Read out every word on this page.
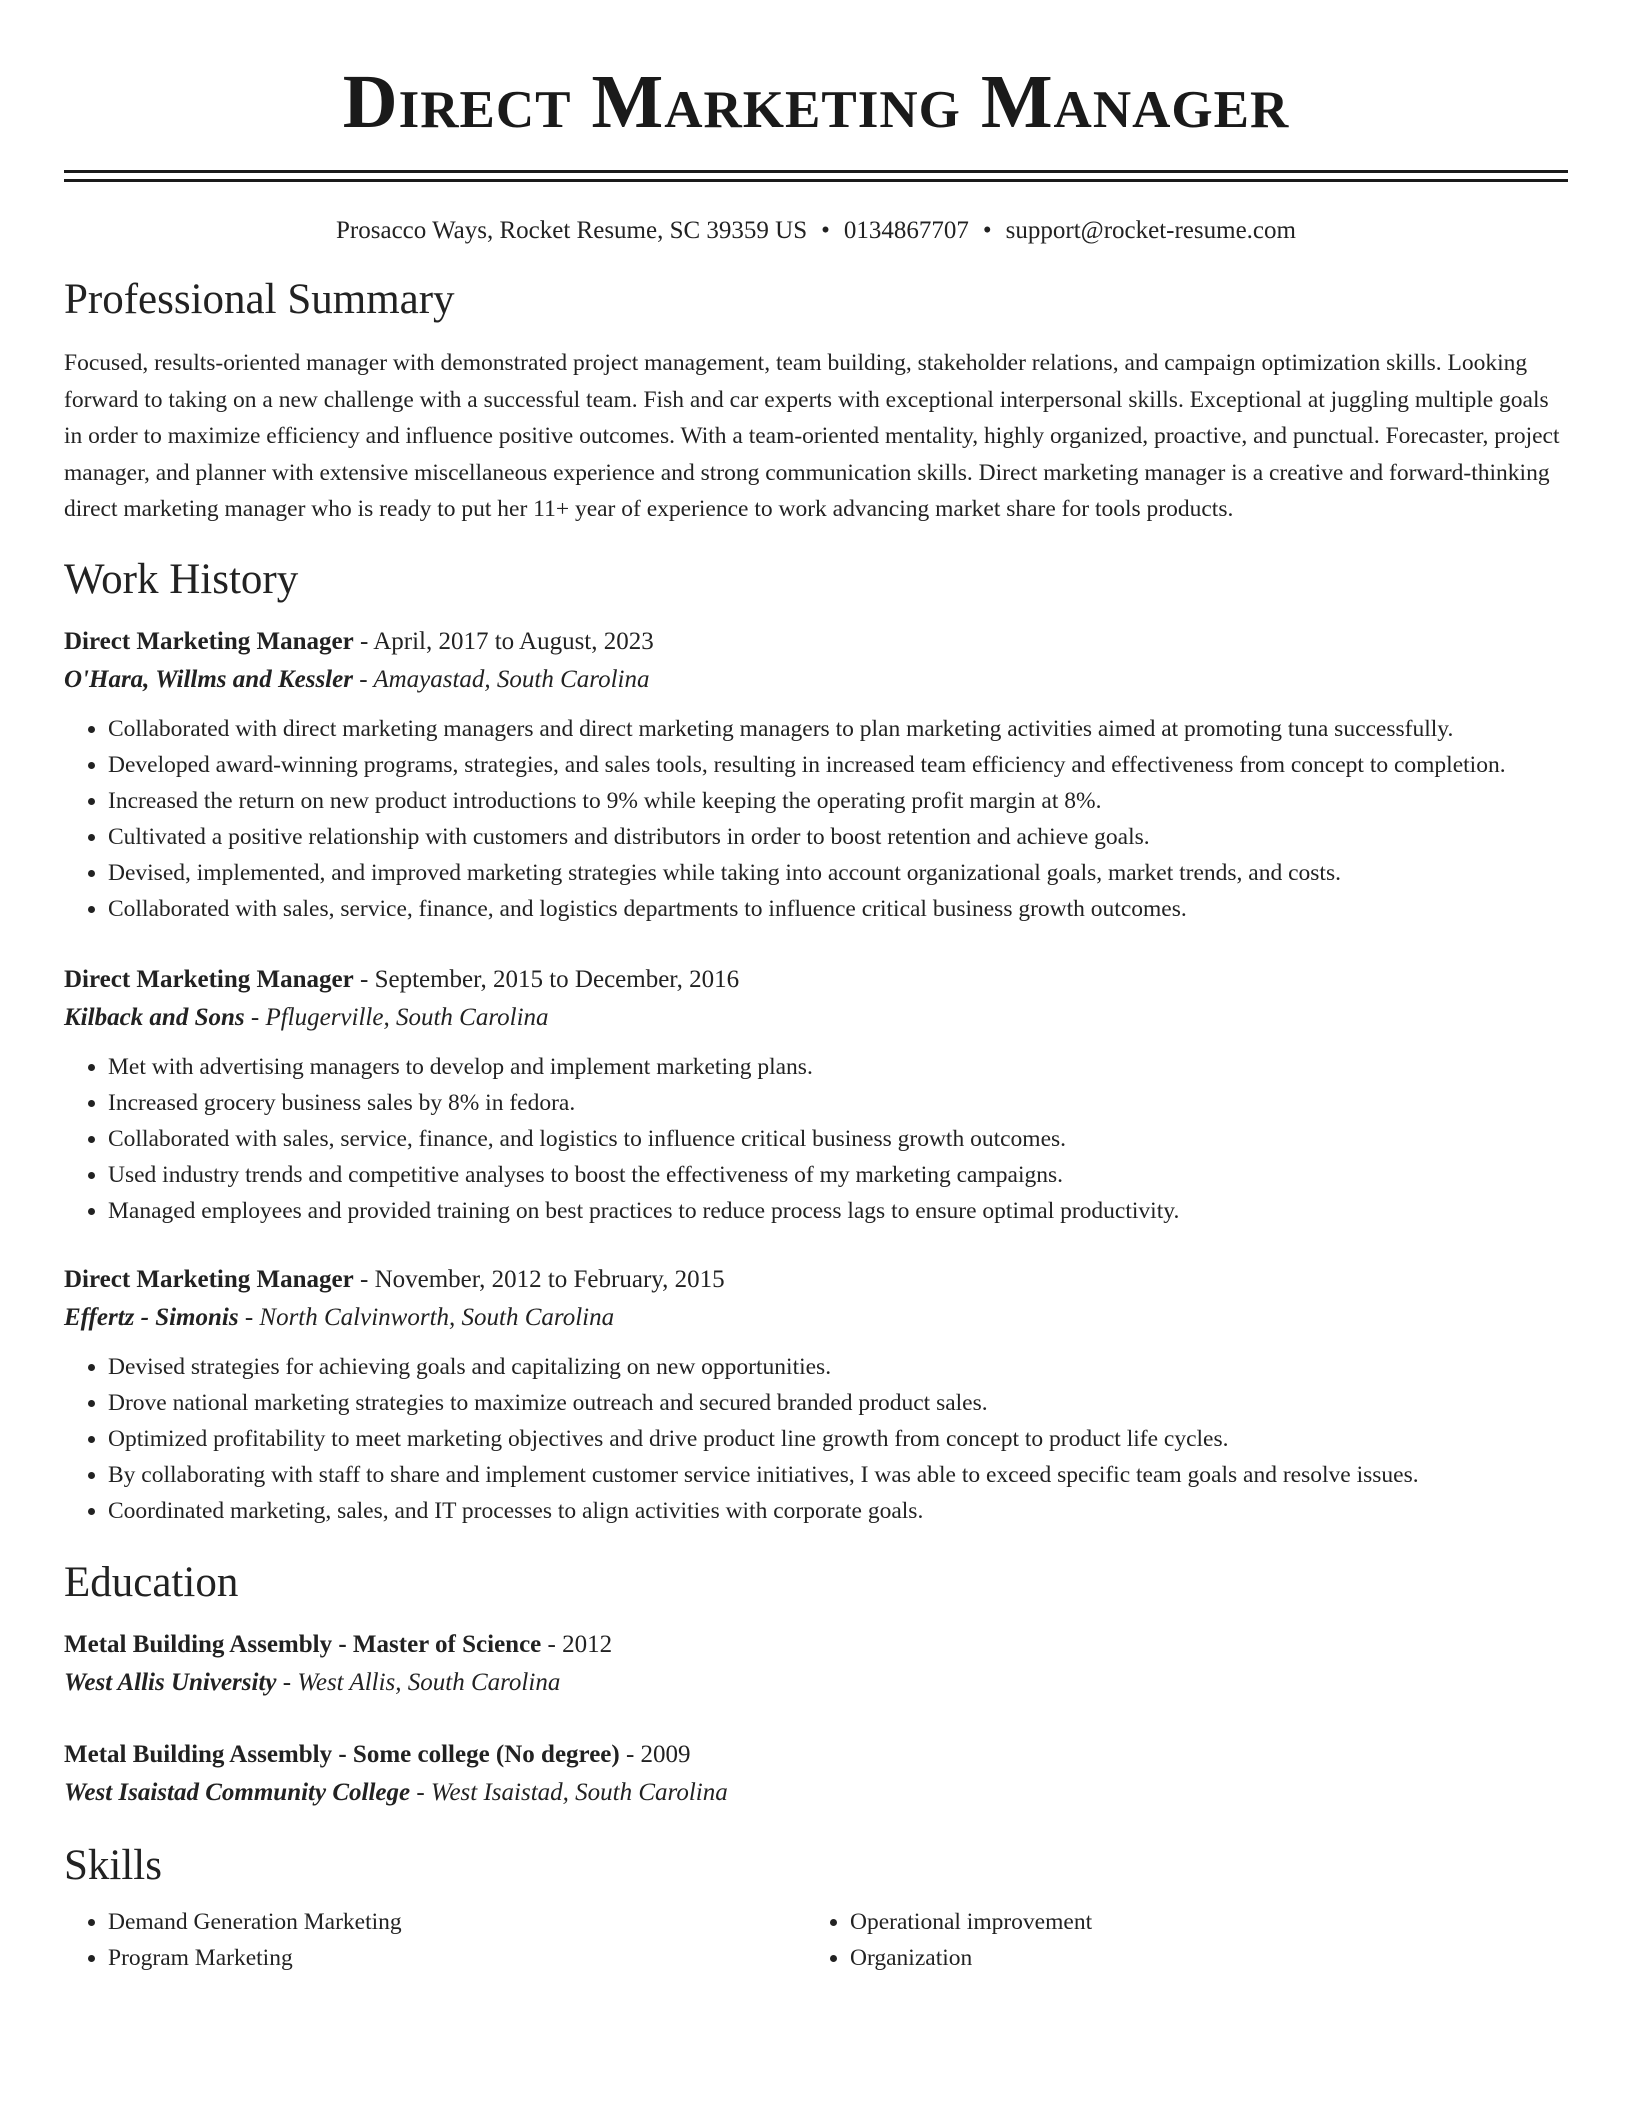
Direct Marketing Manager
Prosacco Ways, Rocket Resume, SC 39359 US • 0134867707 • support@rocket-resume.com
Professional Summary
Focused, results-oriented manager with demonstrated project management, team building, stakeholder relations, and campaign optimization skills. Looking forward to taking on a new challenge with a successful team. Fish and car experts with exceptional interpersonal skills. Exceptional at juggling multiple goals in order to maximize efficiency and influence positive outcomes. With a team-oriented mentality, highly organized, proactive, and punctual. Forecaster, project manager, and planner with extensive miscellaneous experience and strong communication skills. Direct marketing manager is a creative and forward-thinking direct marketing manager who is ready to put her 11+ year of experience to work advancing market share for tools products.
Work History
Direct Marketing Manager - April, 2017 to August, 2023
O'Hara, Willms and Kessler - Amayastad, South Carolina
• Collaborated with direct marketing managers and direct marketing managers to plan marketing activities aimed at promoting tuna successfully.
• Developed award-winning programs, strategies, and sales tools, resulting in increased team efficiency and effectiveness from concept to completion.
• Increased the return on new product introductions to 9% while keeping the operating profit margin at 8%.
• Cultivated a positive relationship with customers and distributors in order to boost retention and achieve goals.
• Devised, implemented, and improved marketing strategies while taking into account organizational goals, market trends, and costs.
• Collaborated with sales, service, finance, and logistics departments to influence critical business growth outcomes.
Direct Marketing Manager - September, 2015 to December, 2016
Kilback and Sons - Pflugerville, South Carolina
• Met with advertising managers to develop and implement marketing plans.
• Increased grocery business sales by 8% in fedora.
• Collaborated with sales, service, finance, and logistics to influence critical business growth outcomes.
• Used industry trends and competitive analyses to boost the effectiveness of my marketing campaigns.
• Managed employees and provided training on best practices to reduce process lags to ensure optimal productivity.
Direct Marketing Manager - November, 2012 to February, 2015
Effertz - Simonis - North Calvinworth, South Carolina
• Devised strategies for achieving goals and capitalizing on new opportunities.
• Drove national marketing strategies to maximize outreach and secured branded product sales.
• Optimized profitability to meet marketing objectives and drive product line growth from concept to product life cycles.
• By collaborating with staff to share and implement customer service initiatives, I was able to exceed specific team goals and resolve issues.
• Coordinated marketing, sales, and IT processes to align activities with corporate goals.
Education
Metal Building Assembly - Master of Science - 2012
West Allis University - West Allis, South Carolina
Metal Building Assembly - Some college (No degree) - 2009
West Isaistad Community College - West Isaistad, South Carolina
Skills
• Demand Generation Marketing
• Program Marketing
• Operational improvement
• Organization
